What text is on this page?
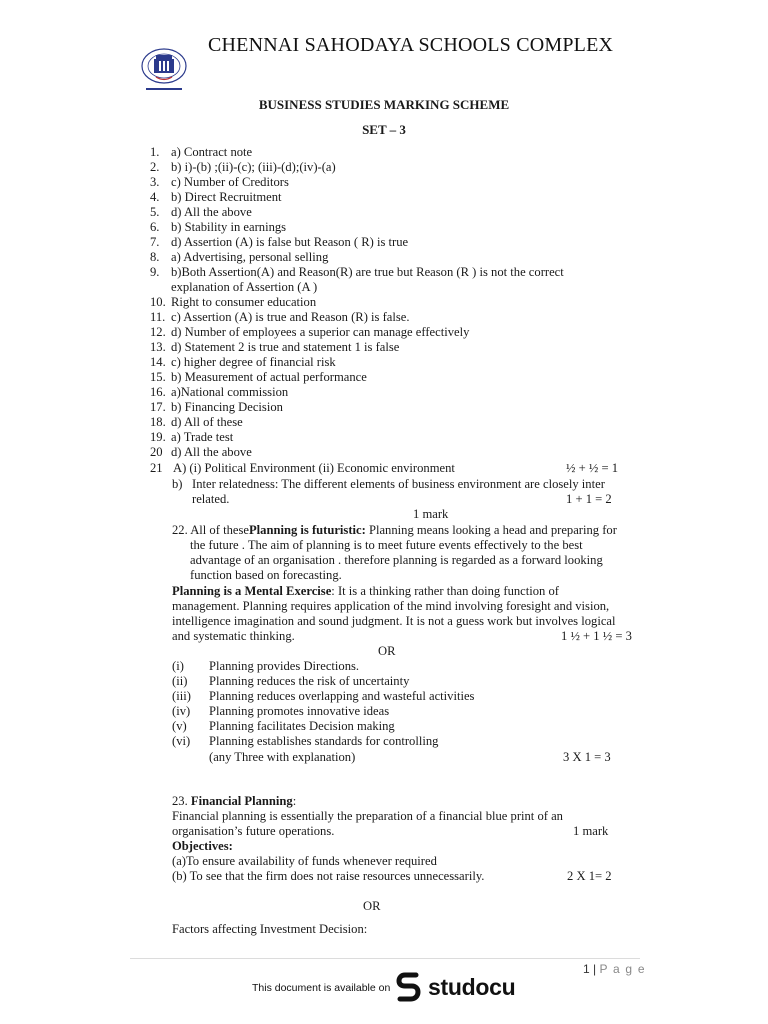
CHENNAI SAHODAYA SCHOOLS COMPLEX
BUSINESS STUDIES MARKING SCHEME
SET – 3
1. a) Contract note
2. b) i)-(b) ;(ii)-(c); (iii)-(d);(iv)-(a)
3. c) Number of Creditors
4. b) Direct Recruitment
5. d) All the above
6. b) Stability in earnings
7. d) Assertion (A) is false but Reason ( R) is true
8. a) Advertising, personal selling
9. b)Both Assertion(A) and Reason(R) are true but Reason (R ) is not the correct
explanation of Assertion (A )
10. Right to consumer education
11. c) Assertion (A) is true and Reason (R) is false.
12. d) Number of employees a superior can manage effectively
13. d) Statement 2 is true and statement 1 is false
14. c) higher degree of financial risk
15. b) Measurement of actual performance
16. a)National commission
17. b) Financing Decision
18. d) All of these
19. a) Trade test
20 d) All the above
21 A) (i) Political Environment (ii) Economic environment	½ + ½ = 1
b) Inter relatedness: The different elements of business environment are closely inter
related.	1 + 1 = 2
1 mark
22. All of thesePlanning is futuristic: Planning means looking a head and preparing for
the future . The aim of planning is to meet future events effectively to the best
advantage of an organisation . therefore planning is regarded as a forward looking
function based on forecasting.
Planning is a Mental Exercise: It is a thinking rather than doing function of
management. Planning requires application of the mind involving foresight and vision,
intelligence imagination and sound judgment. It is not a guess work but involves logical
and systematic thinking.	1 ½ + 1 ½ = 3
OR
(i) Planning provides Directions.
(ii) Planning reduces the risk of uncertainty
(iii) Planning reduces overlapping and wasteful activities
(iv) Planning promotes innovative ideas
(v) Planning facilitates Decision making
(vi) Planning establishes standards for controlling
(any Three with explanation)	3 X 1 = 3
23. Financial Planning:
Financial planning is essentially the preparation of a financial blue print of an
organisation’s future operations.	1 mark
Objectives:
(a)To ensure availability of funds whenever required
(b) To see that the firm does not raise resources unnecessarily.	2 X 1= 2
OR
Factors affecting Investment Decision:
1 | P a g e
This document is available on studocu
